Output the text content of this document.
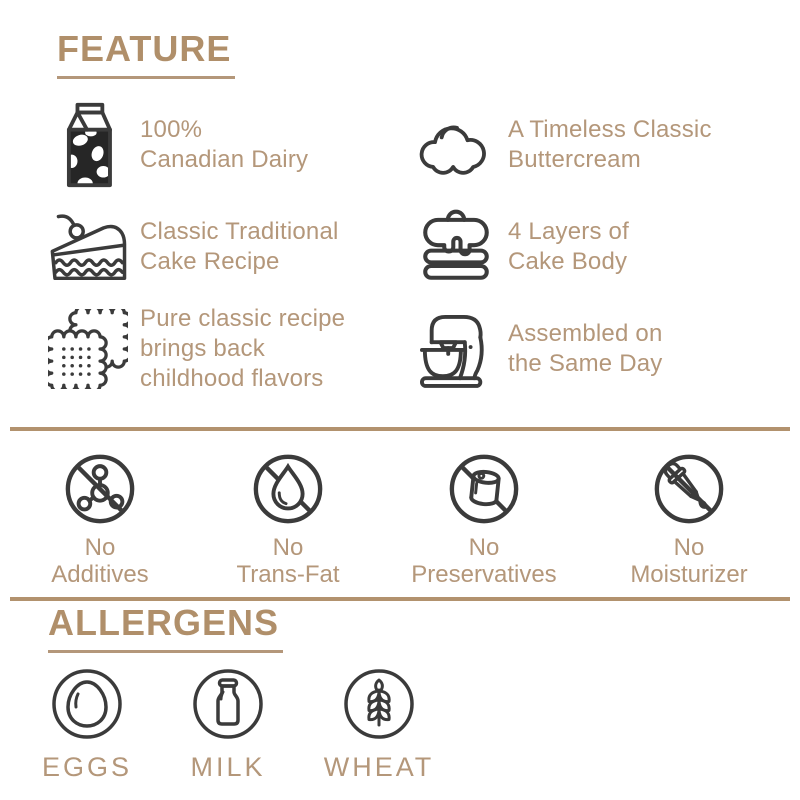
FEATURE
100%
Canadian Dairy
A Timeless Classic
Buttercream
Classic Traditional
Cake Recipe
4 Layers of
Cake Body
Pure classic recipe
brings back
childhood flavors
Assembled on
the Same Day
No
Additives
No
Trans-Fat
No
Preservatives
No
Moisturizer
ALLERGENS
EGGS	MILK	WHEAT
